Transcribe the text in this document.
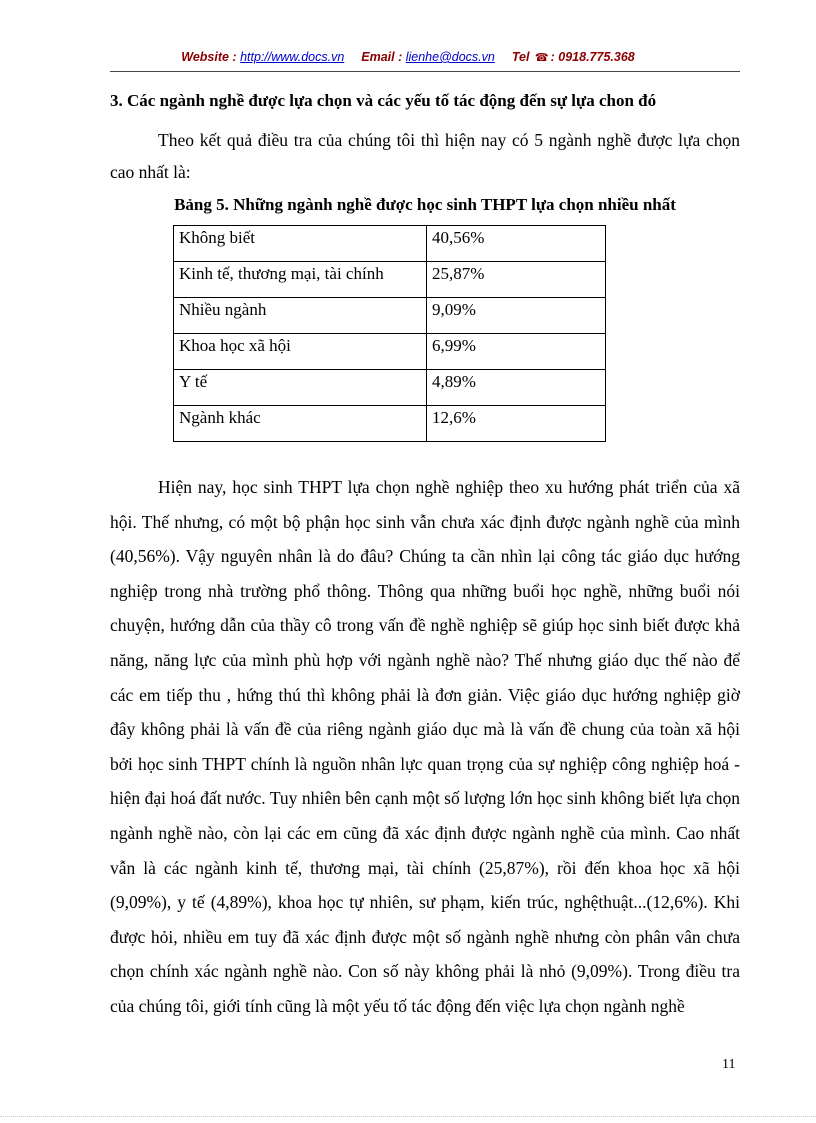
Website : http://www.docs.vn Email : lienhe@docs.vn Tel ☎ : 0918.775.368
3. Các ngành nghề được lựa chọn và các yếu tố tác động đến sự lựa chon đó
Theo kết quả điều tra của chúng tôi thì hiện nay có 5 ngành nghề được lựa chọn cao nhất là:
Bảng 5. Những ngành nghề được học sinh THPT lựa chọn nhiều nhất
Không biết	40,56%
Kinh tế, thương mại, tài chính	25,87%
Nhiều ngành	9,09%
Khoa học xã hội	6,99%
Y tế	4,89%
Ngành khác	12,6%
Hiện nay, học sinh THPT lựa chọn nghề nghiệp theo xu hướng phát triển của xã hội. Thế nhưng, có một bộ phận học sinh vẫn chưa xác định được ngành nghề của mình (40,56%). Vậy nguyên nhân là do đâu? Chúng ta cần nhìn lại công tác giáo dục hướng nghiệp trong nhà trường phổ thông. Thông qua những buổi học nghề, những buổi nói chuyện, hướng dẫn của thầy cô trong vấn đề nghề nghiệp sẽ giúp học sinh biết được khả năng, năng lực của mình phù hợp với ngành nghề nào? Thế nhưng giáo dục thế nào để các em tiếp thu , hứng thú thì không phải là đơn giản. Việc giáo dục hướng nghiệp giờ đây không phải là vấn đề của riêng ngành giáo dục mà là vấn đề chung của toàn xã hội bởi học sinh THPT chính là nguồn nhân lực quan trọng của sự nghiệp công nghiệp hoá - hiện đại hoá đất nước. Tuy nhiên bên cạnh một số lượng lớn học sinh không biết lựa chọn ngành nghề nào, còn lại các em cũng đã xác định được ngành nghề của mình. Cao nhất vẫn là các ngành kinh tế, thương mại, tài chính (25,87%), rồi đến khoa học xã hội (9,09%), y tế (4,89%), khoa học tự nhiên, sư phạm, kiến trúc, nghệthuật...(12,6%). Khi được hỏi, nhiều em tuy đã xác định được một số ngành nghề nhưng còn phân vân chưa chọn chính xác ngành nghề nào. Con số này không phải là nhỏ (9,09%). Trong điều tra của chúng tôi, giới tính cũng là một yếu tố tác động đến việc lựa chọn ngành nghề
11
